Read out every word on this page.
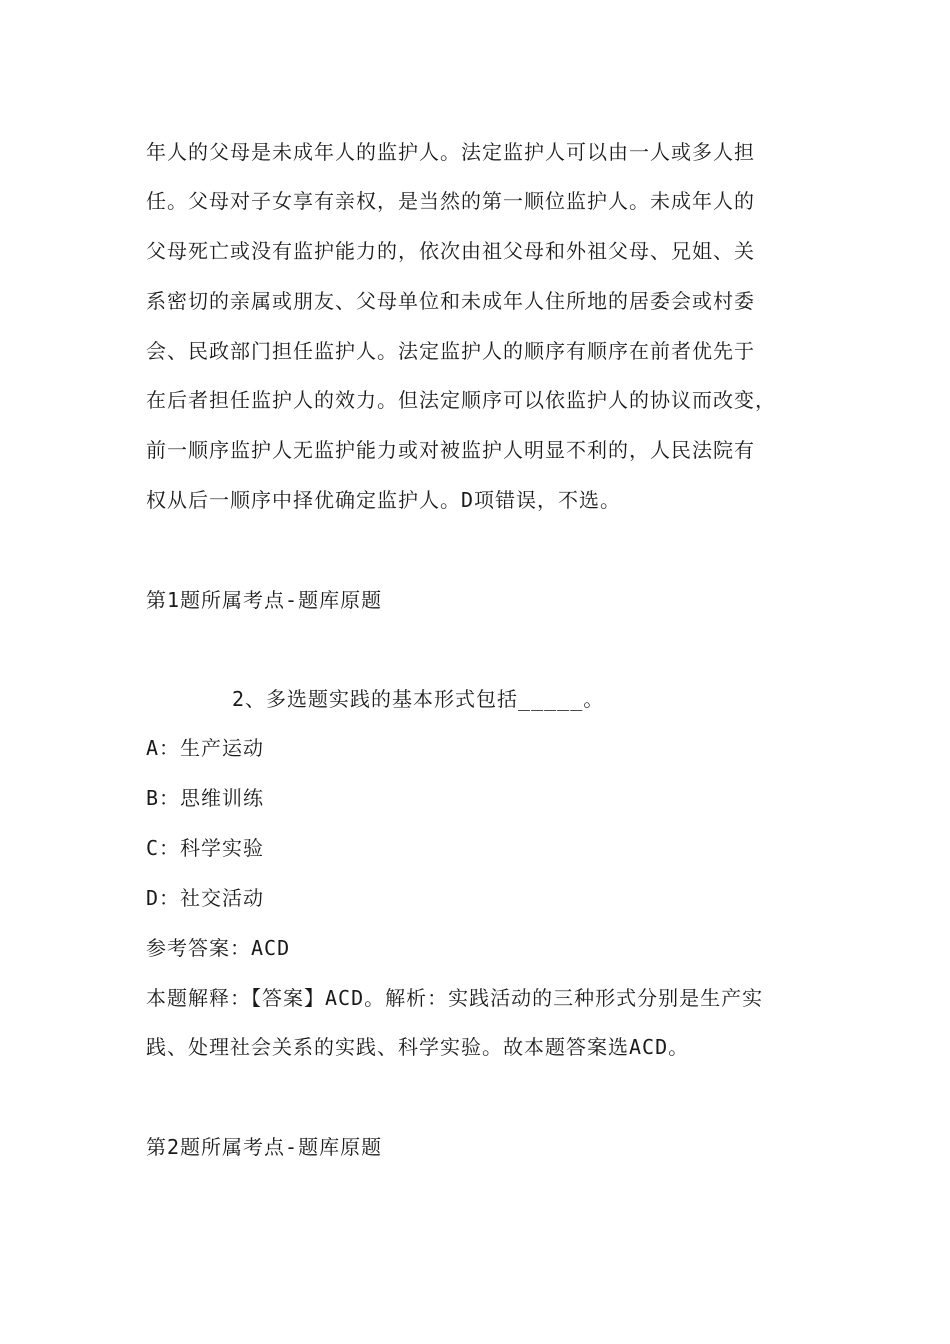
年人的父母是未成年人的监护人。法定监护人可以由一人或多人担
任。父母对子女享有亲权，是当然的第一顺位监护人。未成年人的
父母死亡或没有监护能力的，依次由祖父母和外祖父母、兄姐、关
系密切的亲属或朋友、父母单位和未成年人住所地的居委会或村委
会、民政部门担任监护人。法定监护人的顺序有顺序在前者优先于
在后者担任监护人的效力。但法定顺序可以依监护人的协议而改变，
前一顺序监护人无监护能力或对被监护人明显不利的，人民法院有
权从后一顺序中择优确定监护人。D项错误，不选。
第1题所属考点-题库原题
2、多选题实践的基本形式包括_____。
A：生产运动
B：思维训练
C：科学实验
D：社交活动
参考答案：ACD
本题解释：【答案】ACD。解析：实践活动的三种形式分别是生产实
践、处理社会关系的实践、科学实验。故本题答案选ACD。
第2题所属考点-题库原题
